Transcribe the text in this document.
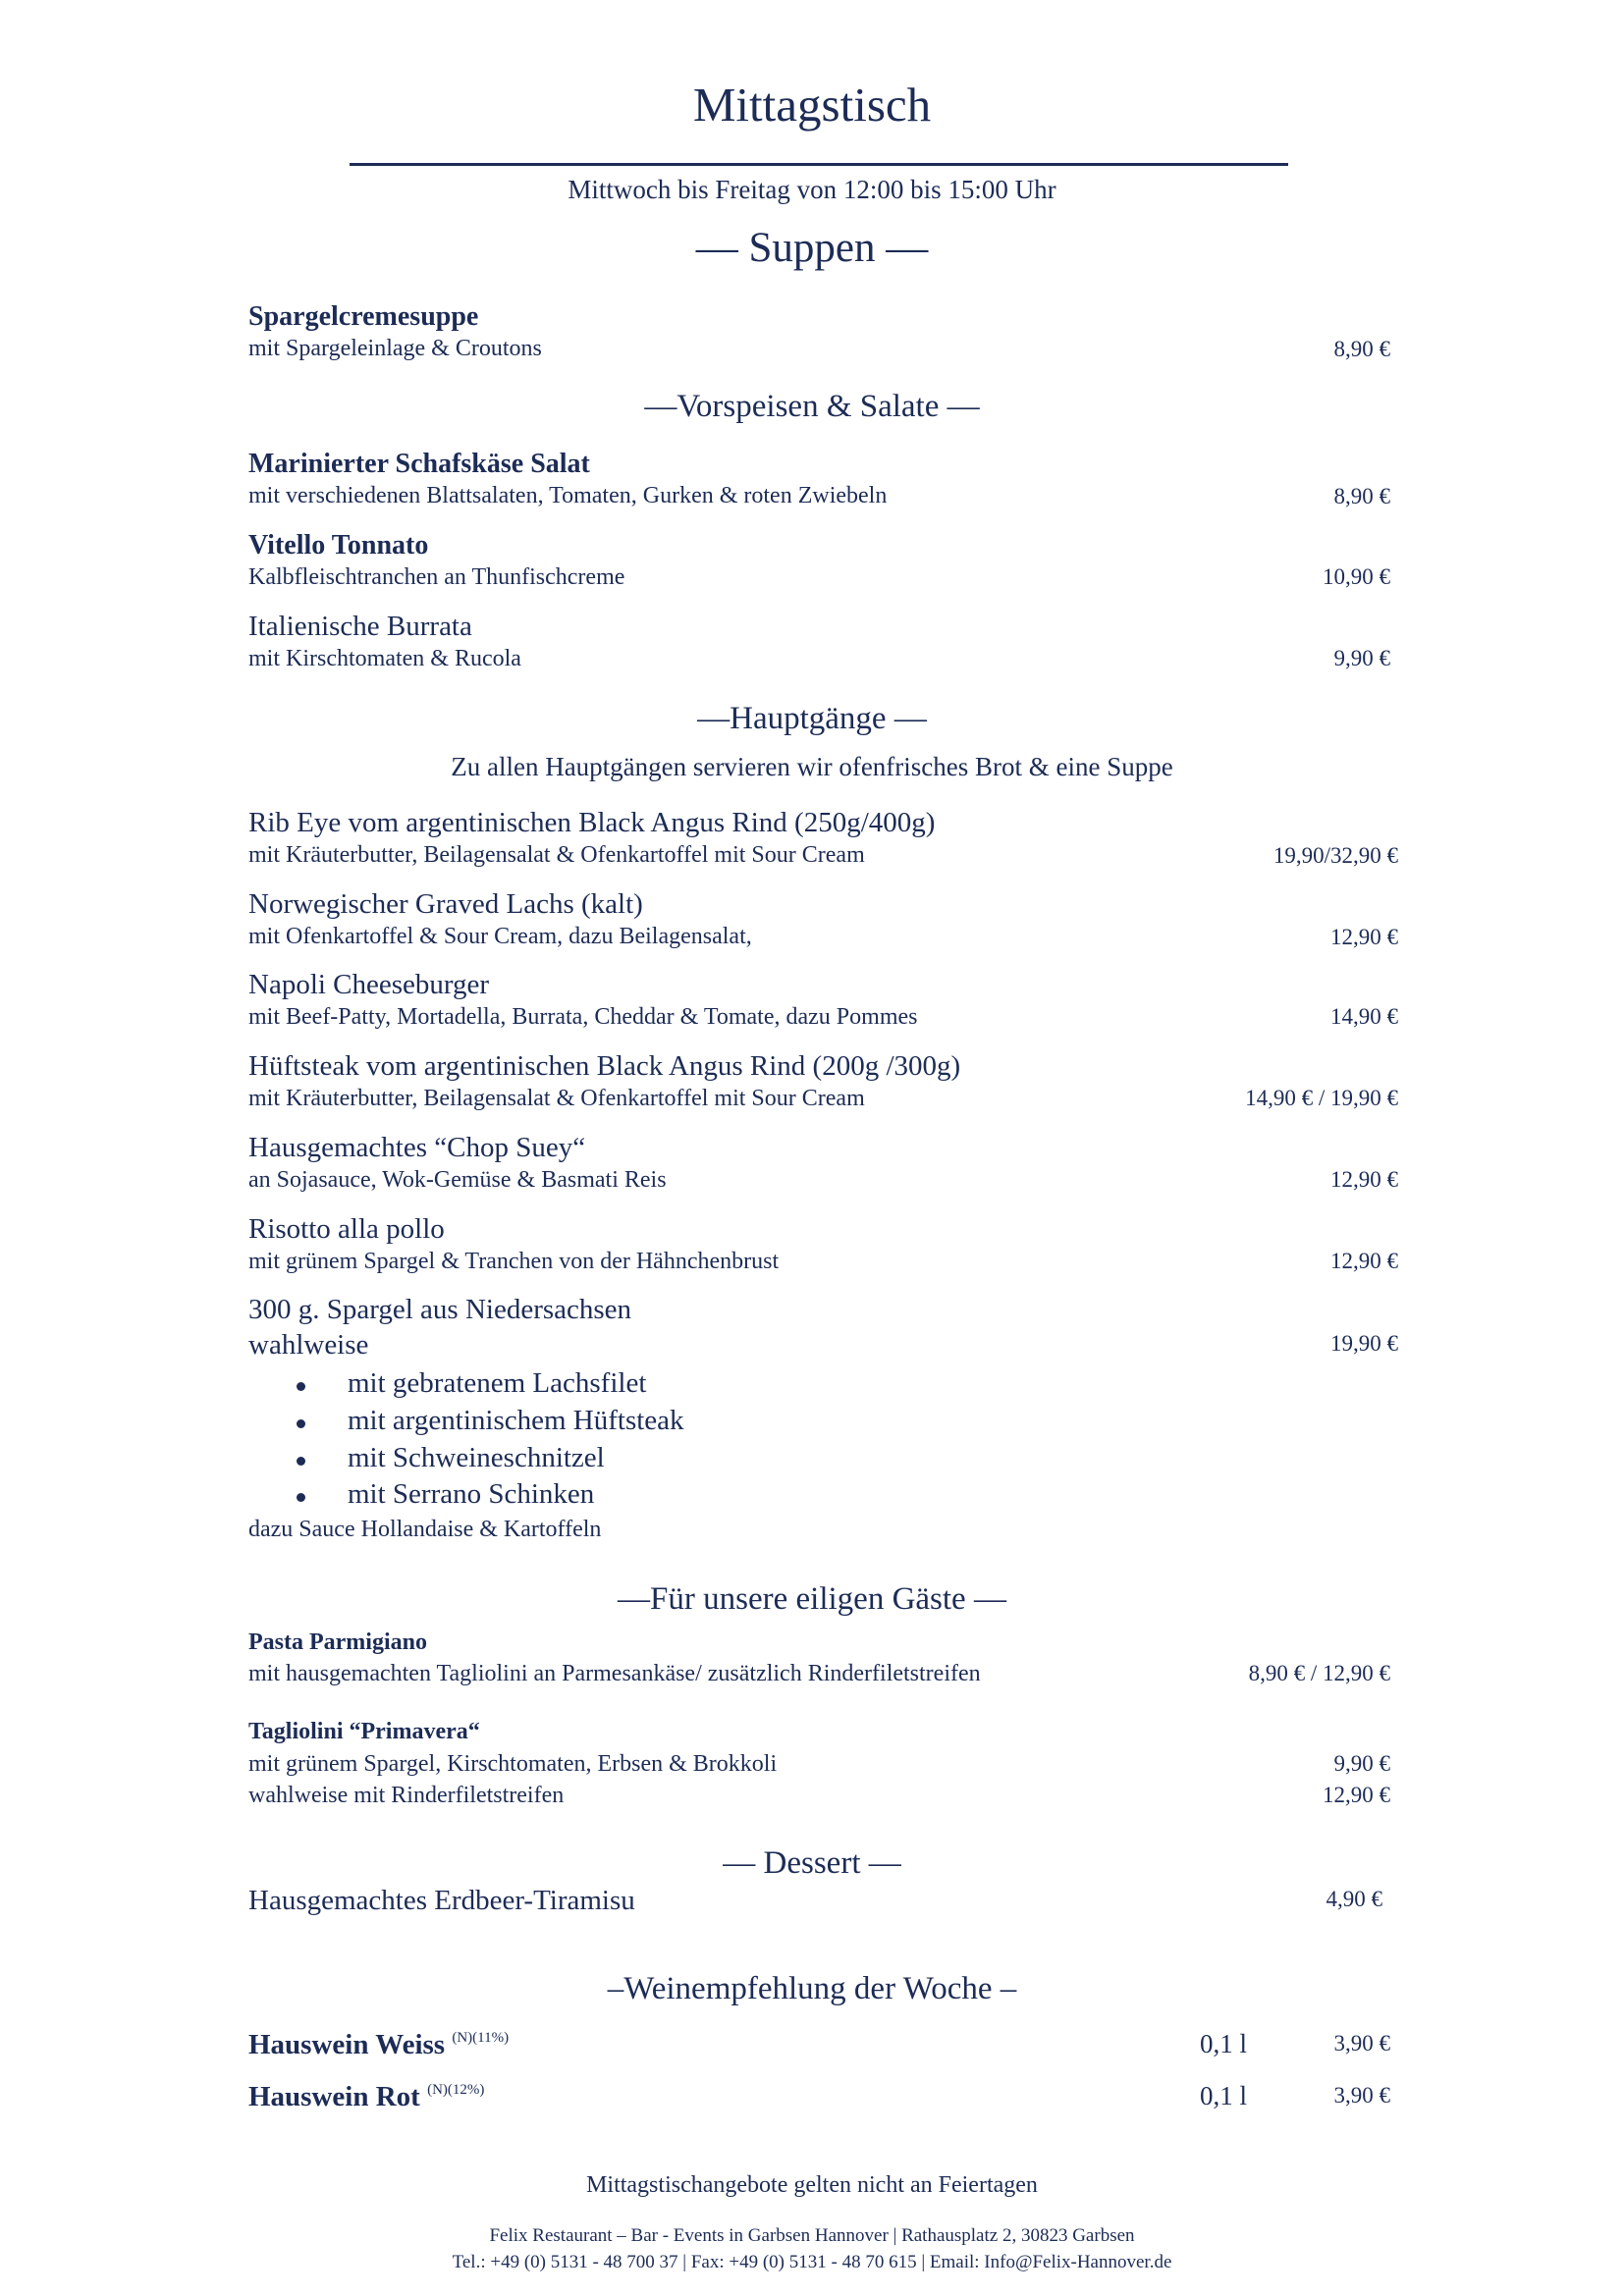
Mittagstisch
Mittwoch bis Freitag von 12:00 bis 15:00 Uhr
— Suppen —
Spargelcremesuppe
mit Spargeleinlage & Croutons	8,90 €
—Vorspeisen & Salate —
Marinierter Schafskäse Salat
mit verschiedenen Blattsalaten, Tomaten, Gurken & roten Zwiebeln	8,90 €
Vitello Tonnato
Kalbfleischtranchen an Thunfischcreme	10,90 €
Italienische Burrata
mit Kirschtomaten & Rucola	9,90 €
—Hauptgänge —
Zu allen Hauptgängen servieren wir ofenfrisches Brot & eine Suppe
Rib Eye vom argentinischen Black Angus Rind (250g/400g)
mit Kräuterbutter, Beilagensalat & Ofenkartoffel mit Sour Cream	19,90/32,90 €
Norwegischer Graved Lachs (kalt)
mit Ofenkartoffel & Sour Cream, dazu Beilagensalat,	12,90 €
Napoli Cheeseburger
mit Beef-Patty, Mortadella, Burrata, Cheddar & Tomate, dazu Pommes	14,90 €
Hüftsteak vom argentinischen Black Angus Rind (200g /300g)
mit Kräuterbutter, Beilagensalat & Ofenkartoffel mit Sour Cream	14,90 € / 19,90 €
Hausgemachtes “Chop Suey“
an Sojasauce, Wok-Gemüse & Basmati Reis	12,90 €
Risotto alla pollo
mit grünem Spargel & Tranchen von der Hähnchenbrust	12,90 €
300 g. Spargel aus Niedersachsen
wahlweise	19,90 €
mit gebratenem Lachsfilet
mit argentinischem Hüftsteak
mit Schweineschnitzel
mit Serrano Schinken
dazu Sauce Hollandaise & Kartoffeln
—Für unsere eiligen Gäste —
Pasta Parmigiano
mit hausgemachten Tagliolini an Parmesankäse/ zusätzlich Rinderfiletstreifen	8,90 € / 12,90 €
Tagliolini “Primavera“
mit grünem Spargel, Kirschtomaten, Erbsen & Brokkoli	9,90 €
wahlweise mit Rinderfiletstreifen	12,90 €
— Dessert —
Hausgemachtes Erdbeer-Tiramisu	4,90 €
–Weinempfehlung der Woche –
Hauswein Weiss $^{(N)(11\%)}$	0,1 l	3,90 €
Hauswein Rot $^{(N)(12\%)}$	0,1 l	3,90 €
Mittagstischangebote gelten nicht an Feiertagen
Felix Restaurant – Bar - Events in Garbsen Hannover | Rathausplatz 2, 30823 Garbsen
Tel.: +49 (0) 5131 - 48 700 37 | Fax: +49 (0) 5131 - 48 70 615 | Email: Info@Felix-Hannover.de
